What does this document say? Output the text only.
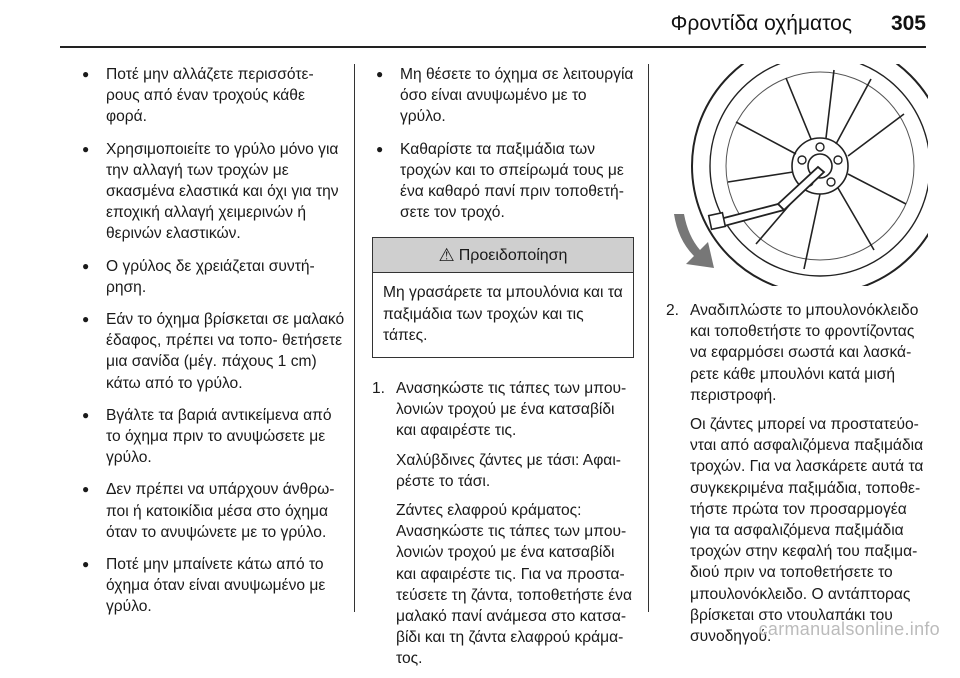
Φροντίδα οχήματος 305
● Ποτέ μην αλλάζετε περισσότε‐ ρους από έναν τροχούς κάθε φορά.
● Χρησιμοποιείτε το γρύλο μόνο για την αλλαγή των τροχών με σκασμένα ελαστικά και όχι για την εποχική αλλαγή χειμερινών ή θερινών ελαστικών.
● Ο γρύλος δε χρειάζεται συντή‐ ρηση.
● Εάν το όχημα βρίσκεται σε μαλακό έδαφος, πρέπει να τοπο‐ θετήσετε μια σανίδα (μέγ. πάχους 1 cm) κάτω από το γρύλο.
● Βγάλτε τα βαριά αντικείμενα από το όχημα πριν το ανυψώσετε με γρύλο.
● Δεν πρέπει να υπάρχουν άνθρω‐ ποι ή κατοικίδια μέσα στο όχημα όταν το ανυψώνετε με το γρύλο.
● Ποτέ μην μπαίνετε κάτω από το όχημα όταν είναι ανυψωμένο με γρύλο.
● Μη θέσετε το όχημα σε λειτουργία όσο είναι ανυψωμένο με το γρύλο.
● Καθαρίστε τα παξιμάδια των τροχών και το σπείρωμά τους με ένα καθαρό πανί πριν τοποθετή‐ σετε τον τροχό.
⚠ Προειδοποίηση
Μη γρασάρετε τα μπουλόνια και τα παξιμάδια των τροχών και τις τάπες.
1. Ανασηκώστε τις τάπες των μπου‐ λονιών τροχού με ένα κατσαβίδι και αφαιρέστε τις.

Χαλύβδινες ζάντες με τάσι: Αφαι‐ ρέστε το τάσι.

Ζάντες ελαφρού κράματος: Ανασηκώστε τις τάπες των μπου‐ λονιών τροχού με ένα κατσαβίδι και αφαιρέστε τις. Για να προστα‐ τεύσετε τη ζάντα, τοποθετήστε ένα μαλακό πανί ανάμεσα στο κατσα‐ βίδι και τη ζάντα ελαφρού κράμα‐ τος.

2. Αναδιπλώστε το μπουλονόκλειδο και τοποθετήστε το φροντίζοντας να εφαρμόσει σωστά και λασκά‐ ρετε κάθε μπουλόνι κατά μισή περιστροφή.

Οι ζάντες μπορεί να προστατεύο‐ νται από ασφαλιζόμενα παξιμάδια τροχών. Για να λασκάρετε αυτά τα συγκεκριμένα παξιμάδια, τοποθε‐ τήστε πρώτα τον προσαρμογέα για τα ασφαλιζόμενα παξιμάδια τροχών στην κεφαλή του παξιμα‐ διού πριν να τοποθετήσετε το μπουλονόκλειδο. Ο αντάπτορας βρίσκεται στο ντουλαπάκι του συνοδηγού.

carmanualsonline.info
